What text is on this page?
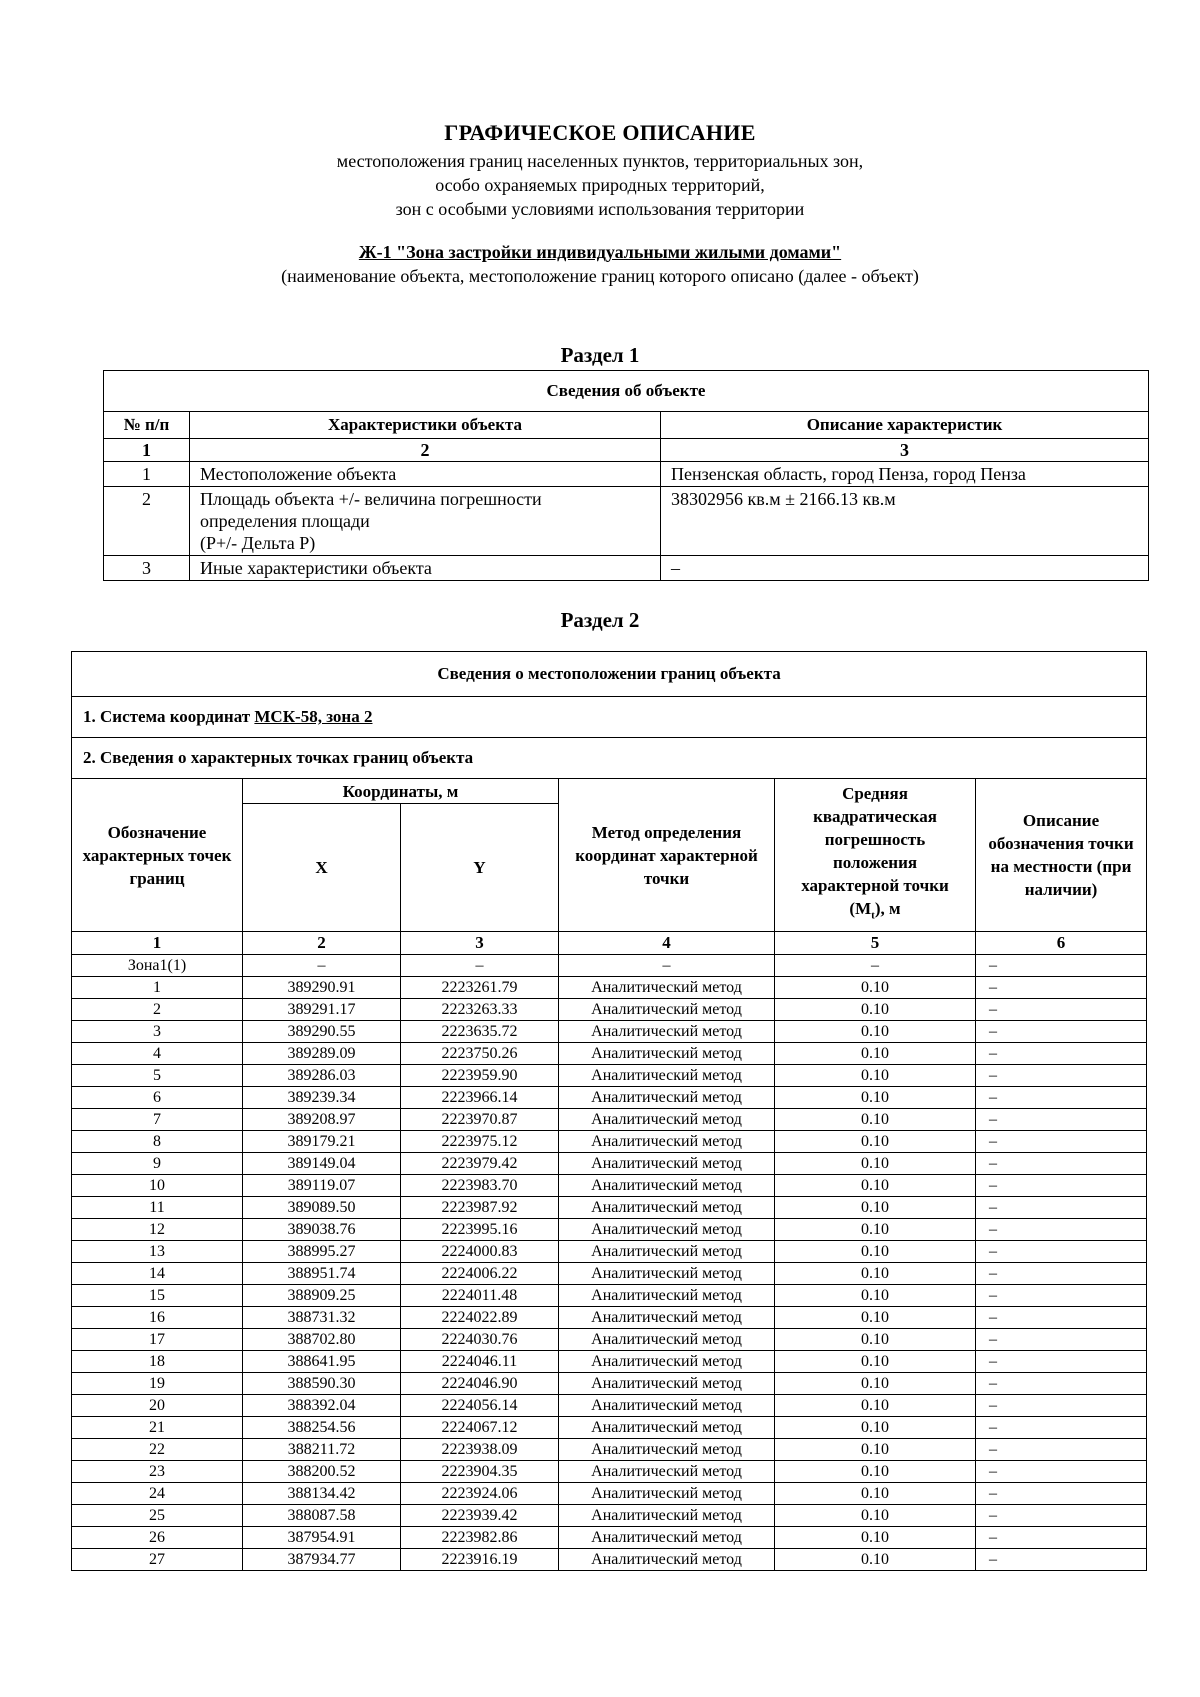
ГРАФИЧЕСКОЕ ОПИСАНИЕ
местоположения границ населенных пунктов, территориальных зон,
особо охраняемых природных территорий,
зон с особыми условиями использования территории
Ж-1 "Зона застройки индивидуальными жилыми домами"
(наименование объекта, местоположение границ которого описано (далее - объект)
Раздел 1
Сведения об объекте		
№ п/п	Характеристики объекта	Описание характеристик
1	2	3
1	Местоположение объекта	Пензенская область, город Пенза, город Пенза
2	Площадь объекта +/- величина погрешности
определения площади
(Р+/- Дельта Р)	38302956 кв.м ± 2166.13 кв.м
3	Иные характеристики объекта	–
Раздел 2
Сведения о местоположении границ объекта					
1. Система координат МСК-58, зона 2					
2. Сведения о характерных точках границ объекта					
Обозначение характерных точек границ	Координаты, м		Метод определения координат характерной точки	Средняя квадратическая погрешность положения характерной точки $(М_t)$, м	Описание обозначения точки на местности (при наличии)
	X	Y			
1	2	3	4	5	6
Зона1(1)	–	–	–	–	–
1	389290.91	2223261.79	Аналитический метод	0.10	–
2	389291.17	2223263.33	Аналитический метод	0.10	–
3	389290.55	2223635.72	Аналитический метод	0.10	–
4	389289.09	2223750.26	Аналитический метод	0.10	–
5	389286.03	2223959.90	Аналитический метод	0.10	–
6	389239.34	2223966.14	Аналитический метод	0.10	–
7	389208.97	2223970.87	Аналитический метод	0.10	–
8	389179.21	2223975.12	Аналитический метод	0.10	–
9	389149.04	2223979.42	Аналитический метод	0.10	–
10	389119.07	2223983.70	Аналитический метод	0.10	–
11	389089.50	2223987.92	Аналитический метод	0.10	–
12	389038.76	2223995.16	Аналитический метод	0.10	–
13	388995.27	2224000.83	Аналитический метод	0.10	–
14	388951.74	2224006.22	Аналитический метод	0.10	–
15	388909.25	2224011.48	Аналитический метод	0.10	–
16	388731.32	2224022.89	Аналитический метод	0.10	–
17	388702.80	2224030.76	Аналитический метод	0.10	–
18	388641.95	2224046.11	Аналитический метод	0.10	–
19	388590.30	2224046.90	Аналитический метод	0.10	–
20	388392.04	2224056.14	Аналитический метод	0.10	–
21	388254.56	2224067.12	Аналитический метод	0.10	–
22	388211.72	2223938.09	Аналитический метод	0.10	–
23	388200.52	2223904.35	Аналитический метод	0.10	–
24	388134.42	2223924.06	Аналитический метод	0.10	–
25	388087.58	2223939.42	Аналитический метод	0.10	–
26	387954.91	2223982.86	Аналитический метод	0.10	–
27	387934.77	2223916.19	Аналитический метод	0.10	–
